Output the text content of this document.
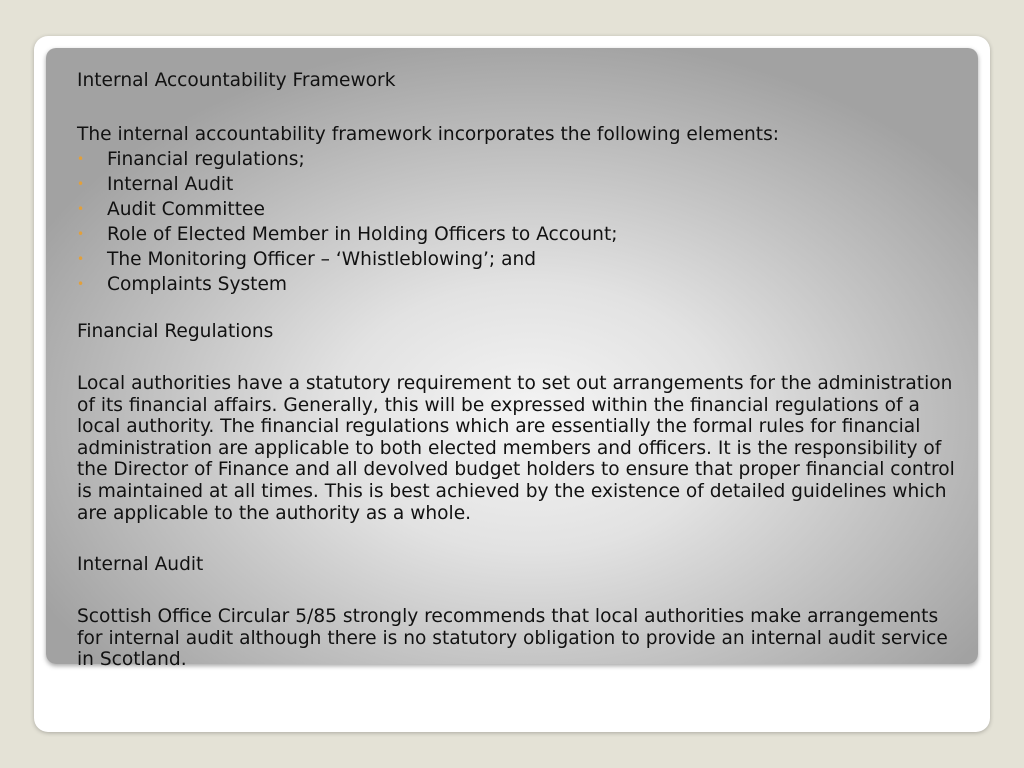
Internal Accountability Framework

The internal accountability framework incorporates the following elements:

• Financial regulations;
• Internal Audit
• Audit Committee
• Role of Elected Member in Holding Officers to Account;
• The Monitoring Officer – ‘Whistleblowing’; and
• Complaints System

Financial Regulations

Local authorities have a statutory requirement to set out arrangements for the administration of its financial affairs. Generally, this will be expressed within the financial regulations of a local authority. The financial regulations which are essentially the formal rules for financial administration are applicable to both elected members and officers. It is the responsibility of the Director of Finance and all devolved budget holders to ensure that proper financial control is maintained at all times. This is best achieved by the existence of detailed guidelines which are applicable to the authority as a whole.

Internal Audit

Scottish Office Circular 5/85 strongly recommends that local authorities make arrangements for internal audit although there is no statutory obligation to provide an internal audit service in Scotland.
